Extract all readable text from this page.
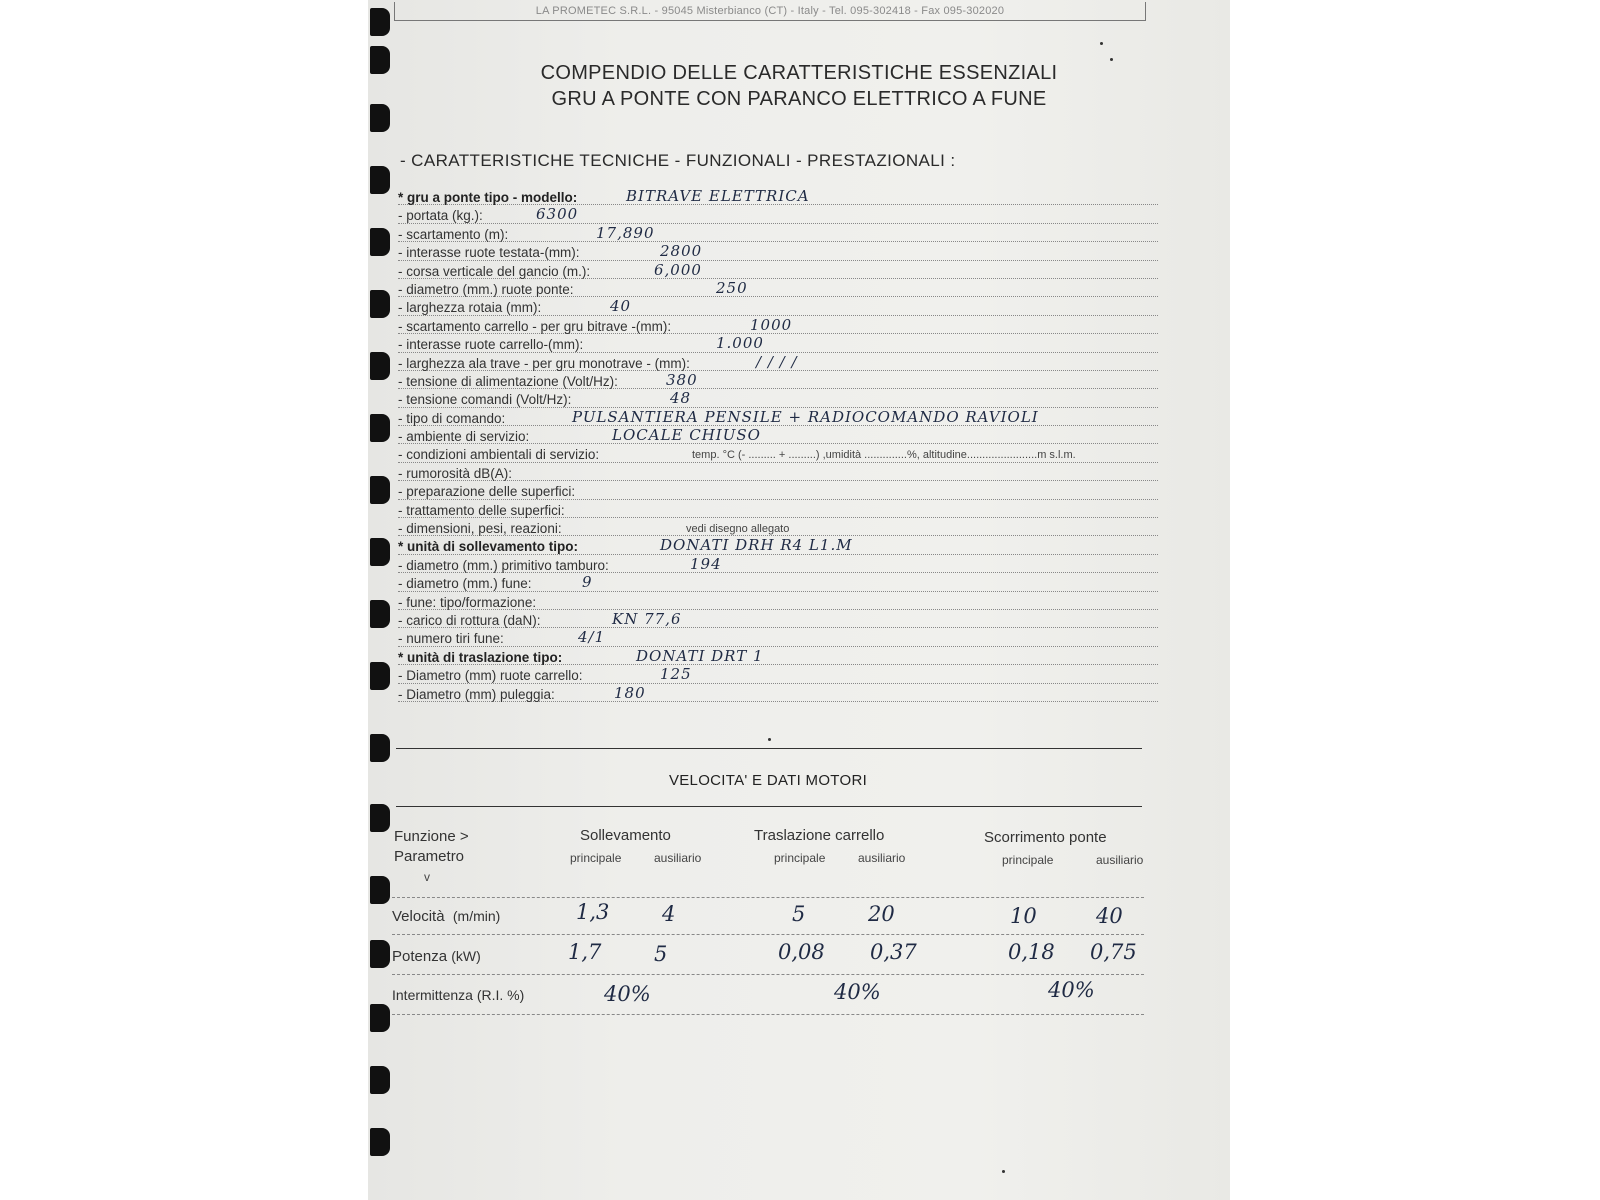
LA PROMETEC S.R.L. - 95045 Misterbianco (CT) - Italy - Tel. 095-302418 - Fax 095-302020
COMPENDIO DELLE CARATTERISTICHE ESSENZIALI
GRU A PONTE CON PARANCO ELETTRICO A FUNE
- CARATTERISTICHE TECNICHE - FUNZIONALI - PRESTAZIONALI :
* gru a ponte tipo - modello:	BITRAVE ELETTRICA
- portata (kg.):	6300
- scartamento (m):	17,890
- interasse ruote testata-(mm):	2800
- corsa verticale del gancio (m.):	6,000
- diametro (mm.) ruote ponte:	250
- larghezza rotaia (mm):	40
- scartamento carrello - per gru bitrave -(mm):	1000
- interasse ruote carrello-(mm):	1.000
- larghezza ala trave - per gru monotrave - (mm):	/ / / /
- tensione di alimentazione (Volt/Hz):	380
- tensione comandi (Volt/Hz):	48
- tipo di comando:	PULSANTIERA PENSILE + RADIOCOMANDO RAVIOLI
- ambiente di servizio:	LOCALE CHIUSO
- condizioni ambientali di servizio:	temp. °C (- ......... + .........) ,umidità ..............%, altitudine.......................m s.l.m.
- rumorosità dB(A):
- preparazione delle superfici:
- trattamento delle superfici:
- dimensioni, pesi, reazioni:	vedi disegno allegato
* unità di sollevamento tipo:	DONATI DRH R4 L1.M
- diametro (mm.) primitivo tamburo:	194
- diametro (mm.) fune:	9
- fune: tipo/formazione:
- carico di rottura (daN):	KN 77,6
- numero tiri fune:	4/1
* unità di traslazione tipo:	DONATI DRT 1
- Diametro (mm) ruote carrello:	125
- Diametro (mm) puleggia:	180
VELOCITA' E DATI MOTORI
Funzione >
Parametro
v
Sollevamento	Traslazione carrello	Scorrimento ponte
principale	ausiliario	principale	ausiliario	principale	ausiliario
Velocità (m/min)	1,3	4	5	20	10	40
Potenza (kW)	1,7	5	0,08 0,37	0,18 0,75
Intermittenza (R.I. %)	40%	40%	40%
